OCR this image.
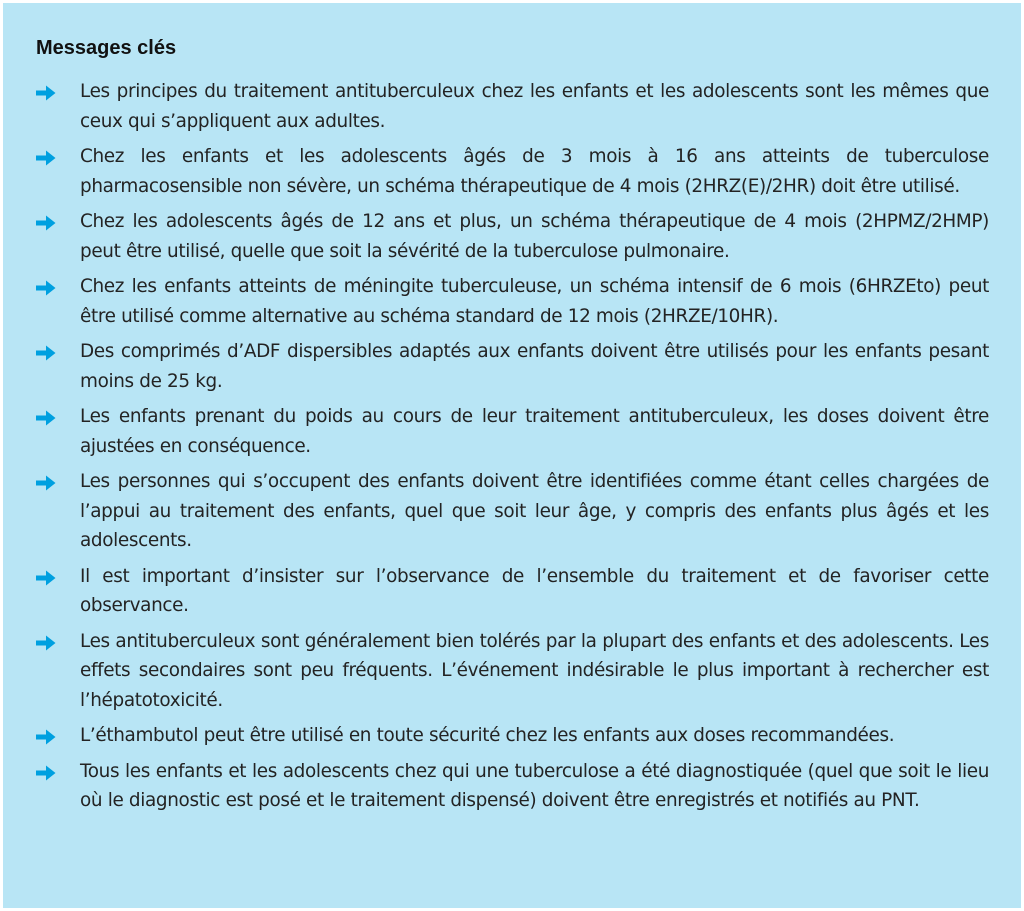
Messages clés
Les principes du traitement antituberculeux chez les enfants et les adolescents sont les mêmes que ceux qui s’appliquent aux adultes.
Chez les enfants et les adolescents âgés de 3 mois à 16 ans atteints de tuberculose pharmacosensible non sévère, un schéma thérapeutique de 4 mois (2HRZ(E)/2HR) doit être utilisé.
Chez les adolescents âgés de 12 ans et plus, un schéma thérapeutique de 4 mois (2HPMZ/2HMP) peut être utilisé, quelle que soit la sévérité de la tuberculose pulmonaire.
Chez les enfants atteints de méningite tuberculeuse, un schéma intensif de 6 mois (6HRZEto) peut être utilisé comme alternative au schéma standard de 12 mois (2HRZE/10HR).
Des comprimés d’ADF dispersibles adaptés aux enfants doivent être utilisés pour les enfants pesant moins de 25 kg.
Les enfants prenant du poids au cours de leur traitement antituberculeux, les doses doivent être ajustées en conséquence.
Les personnes qui s’occupent des enfants doivent être identifiées comme étant celles chargées de l’appui au traitement des enfants, quel que soit leur âge, y compris des enfants plus âgés et les adolescents.
Il est important d’insister sur l’observance de l’ensemble du traitement et de favoriser cette observance.
Les antituberculeux sont généralement bien tolérés par la plupart des enfants et des adolescents. Les effets secondaires sont peu fréquents. L’événement indésirable le plus important à rechercher est l’hépatotoxicité.
L’éthambutol peut être utilisé en toute sécurité chez les enfants aux doses recommandées.
Tous les enfants et les adolescents chez qui une tuberculose a été diagnostiquée (quel que soit le lieu où le diagnostic est posé et le traitement dispensé) doivent être enregistrés et notifiés au PNT.
